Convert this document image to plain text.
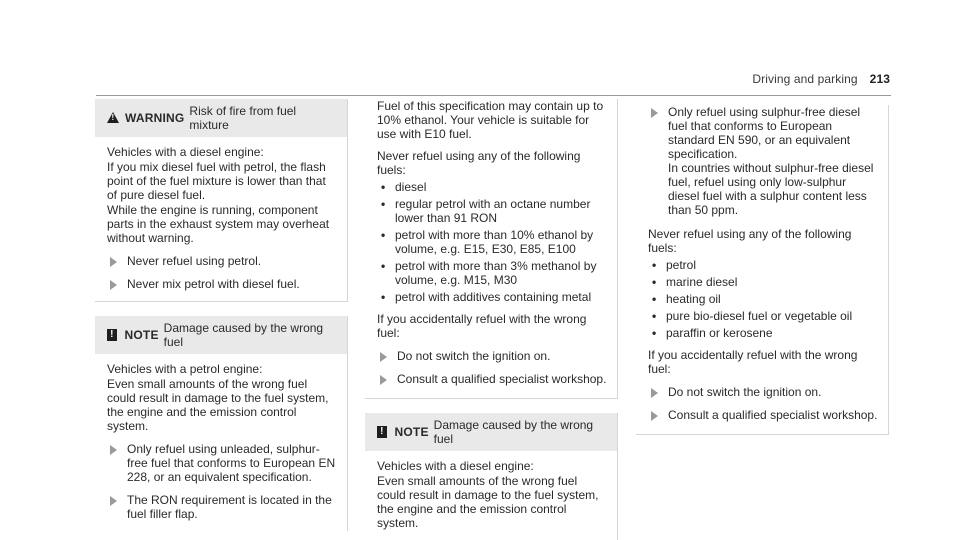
Driving and parking 213
!
WARNING Risk of fire from fuel mixture

Vehicles with a diesel engine:

If you mix diesel fuel with petrol, the flash point of the fuel mixture is lower than that of pure diesel fuel.

While the engine is running, component parts in the exhaust system may overheat without warning.

Never refuel using petrol.
Never mix petrol with diesel fuel.
! NOTE Damage caused by the wrong fuel

Vehicles with a petrol engine:

Even small amounts of the wrong fuel could result in damage to the fuel system, the engine and the emission control system.

Only refuel using unleaded, sulphur-free fuel that conforms to European EN 228, or an equivalent specification.
The RON requirement is located in the fuel filler flap.

Fuel of this specification may contain up to 10% ethanol. Your vehicle is suitable for use with E10 fuel.

Never refuel using any of the following fuels:

• diesel
• regular petrol with an octane number lower than 91 RON
• petrol with more than 10% ethanol by volume, e.g. E15, E30, E85, E100
• petrol with more than 3% methanol by volume, e.g. M15, M30
• petrol with additives containing metal

If you accidentally refuel with the wrong fuel:

Do not switch the ignition on.
Consult a qualified specialist workshop.
! NOTE Damage caused by the wrong fuel

Vehicles with a diesel engine:

Even small amounts of the wrong fuel could result in damage to the fuel system, the engine and the emission control system.

Only refuel using sulphur-free diesel fuel that conforms to European standard EN 590, or an equivalent specification.
In countries without sulphur-free diesel fuel, refuel using only low-sulphur diesel fuel with a sulphur content less than 50 ppm.

Never refuel using any of the following fuels:

• petrol
• marine diesel
• heating oil
• pure bio-diesel fuel or vegetable oil
• paraffin or kerosene

If you accidentally refuel with the wrong fuel:

Do not switch the ignition on.
Consult a qualified specialist workshop.
